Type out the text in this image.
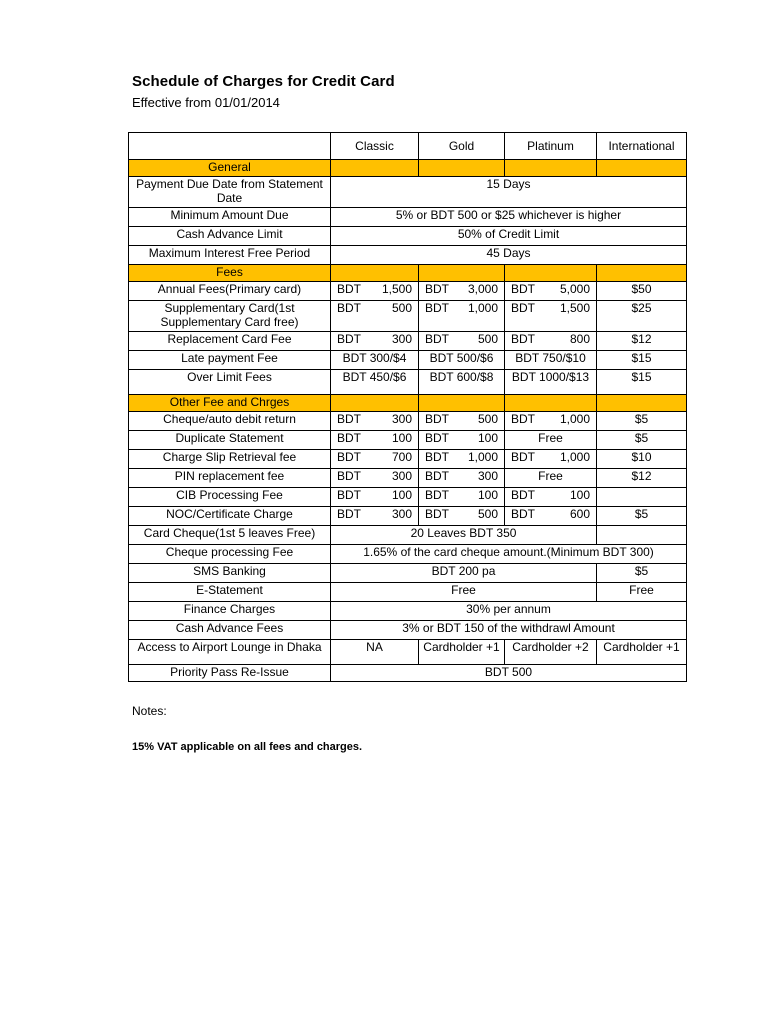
Schedule of Charges for Credit Card
Effective from 01/01/2014
	Classic	Gold	Platinum	International
General				
Payment Due Date from Statement Date	15 Days			
Minimum Amount Due	5% or BDT 500 or $25 whichever is higher			
Cash Advance Limit	50% of Credit Limit			
Maximum Interest Free Period	45 Days			
Fees				
Annual Fees(Primary card)	BDT 1,500	BDT 3,000	BDT 5,000	$50
Supplementary Card(1st Supplementary Card free)	BDT 500	BDT 1,000	BDT 1,500	$25
Replacement Card Fee	BDT 300	BDT 500	BDT 800	$12
Late payment Fee	BDT 300/$4	BDT 500/$6	BDT 750/$10	$15
Over Limit Fees	BDT 450/$6	BDT 600/$8	BDT 1000/$13	$15
Other Fee and Chrges				
Cheque/auto debit return	BDT 300	BDT 500	BDT 1,000	$5
Duplicate Statement	BDT 100	BDT 100	Free	$5
Charge Slip Retrieval fee	BDT 700	BDT 1,000	BDT 1,000	$10
PIN replacement fee	BDT 300	BDT 300	Free	$12
CIB Processing Fee	BDT 100	BDT 100	BDT 100	

NOC/Certificate Charge	BDT 300	BDT 500	BDT 600	$5
Card Cheque(1st 5 leaves Free)	20 Leaves BDT 350			
Cheque processing Fee	1.65% of the card cheque amount.(Minimum BDT 300)			
SMS Banking	BDT 200 pa			$5
E-Statement	Free			Free
Finance Charges	30% per annum			
Cash Advance Fees	3% or BDT 150 of the withdrawl Amount			
Access to Airport Lounge in Dhaka	NA	Cardholder +1	Cardholder +2	Cardholder +1
Priority Pass Re-Issue	BDT 500			
Notes:
15% VAT applicable on all fees and charges.
